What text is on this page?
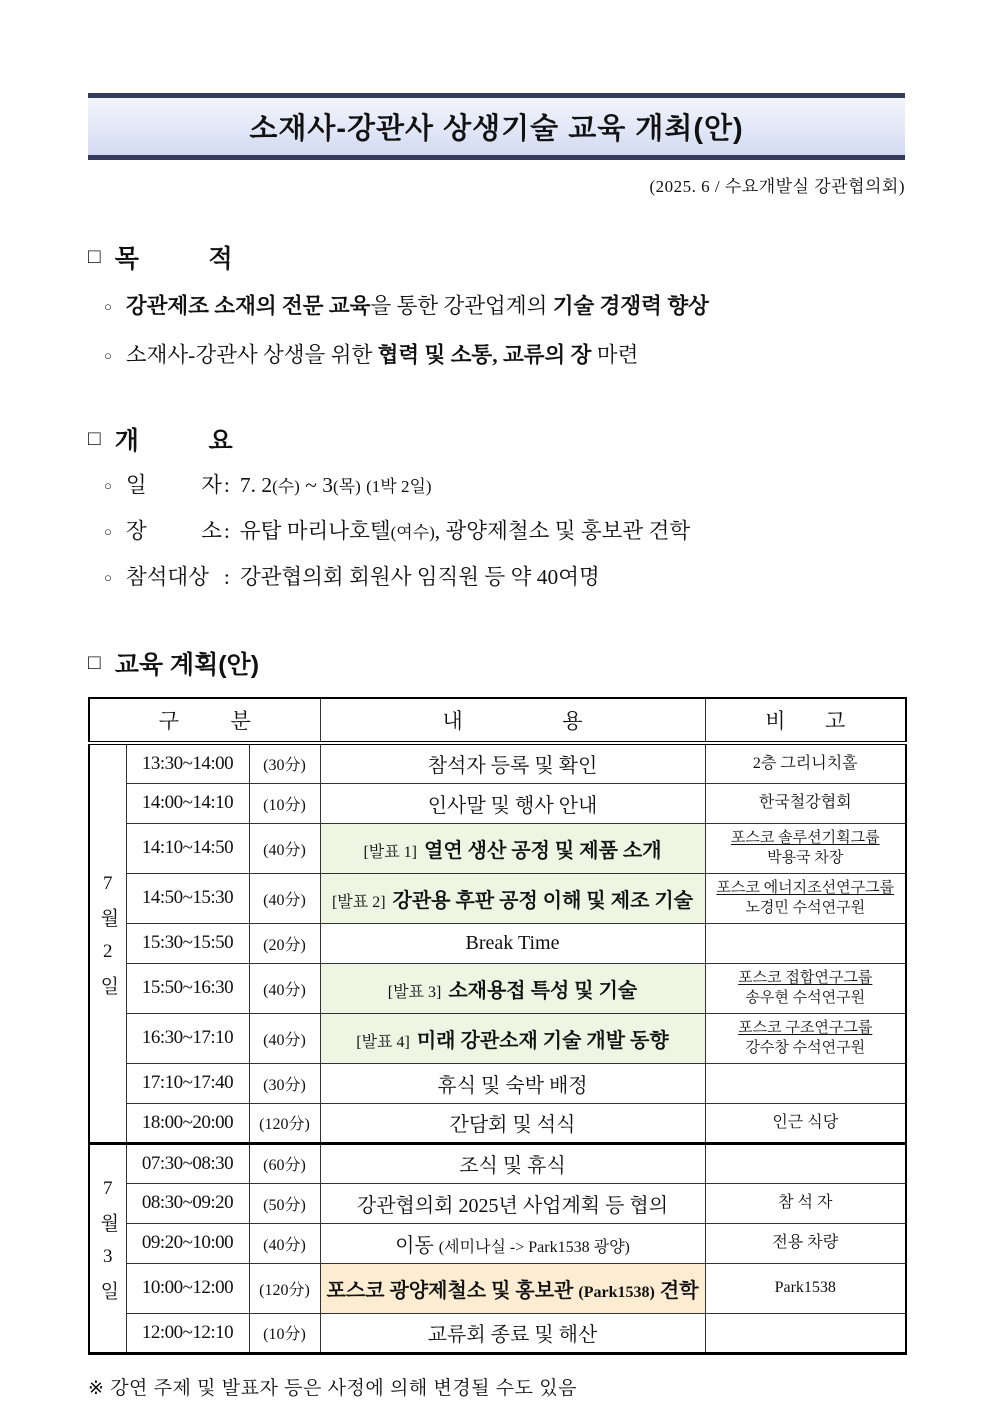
소재사-강관사 상생기술 교육 개최(안)
(2025. 6 / 수요개발실 강관협의회)
□ 목 적
○ 강관제조 소재의 전문 교육을 통한 강관업계의 기술 경쟁력 향상
○ 소재사-강관사 상생을 위한 협력 및 소통, 교류의 장 마련
□ 개 요
○ 일 자: 7. 2(수) ~ 3(목) (1박 2일)
○ 장 소: 유탑 마리나호텔(여수), 광양제철소 및 홍보관 견학
○ 참석대상 : 강관협의회 회원사 임직원 등 약 40여명
□ 교육 계획(안)
구 분			내 용	비 고
7월2일	13:30~14:00	(30分)	참석자 등록 및 확인	2층 그리니치홀
	14:00~14:10	(10分)	인사말 및 행사 안내	한국철강협회
	14:10~14:50	(40分)	[발표 1] 열연 생산 공정 및 제품 소개	포스코 솔루션기획그룹
박용국 차장
	14:50~15:30	(40分)	[발표 2] 강관용 후판 공정 이해 및 제조 기술	포스코 에너지조선연구그룹
노경민 수석연구원
	15:30~15:50	(20分)	Break Time	
	15:50~16:30	(40分)	[발표 3] 소재용접 특성 및 기술	포스코 접합연구그룹
송우현 수석연구원
	16:30~17:10	(40分)	[발표 4] 미래 강관소재 기술 개발 동향	포스코 구조연구그룹
강수창 수석연구원
	17:10~17:40	(30分)	휴식 및 숙박 배정	
	18:00~20:00	(120分)	간담회 및 석식	인근 식당
7월3일	07:30~08:30	(60分)	조식 및 휴식	
	08:30~09:20	(50分)	강관협의회 2025년 사업계획 등 협의	참 석 자
	09:20~10:00	(40分)	이동 (세미나실 -> Park1538 광양)	전용 차량
	10:00~12:00	(120分)	포스코 광양제철소 및 홍보관 (Park1538) 견학	Park1538
	12:00~12:10	(10分)	교류회 종료 및 해산	
※ 강연 주제 및 발표자 등은 사정에 의해 변경될 수도 있음
